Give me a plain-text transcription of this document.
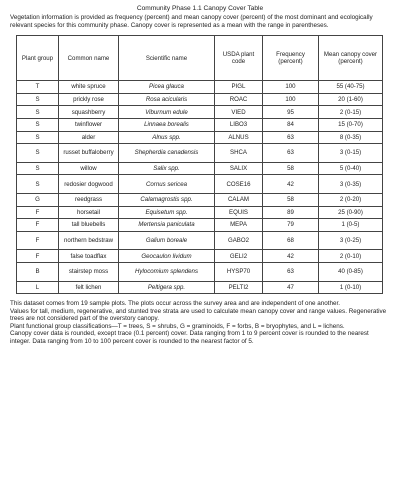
Community Phase 1.1 Canopy Cover Table

Vegetation information is provided as frequency (percent) and mean canopy cover (percent) of the most dominant and ecologically relevant species for this community phase. Canopy cover is represented as a mean with the range in parentheses.

Plant group	Common name	Scientific name	USDA plant code	Frequency (percent)	Mean canopy cover (percent)
T	white spruce	Picea glauca	PIGL	100	55 (40-75)
S	prickly rose	Rosa acicularis	ROAC	100	20 (1-60)
S	squashberry	Viburnum edule	VIED	95	2 (0-15)
S	twinflower	Linnaea borealis	LIBO3	84	15 (0-70)
S	alder	Alnus spp.	ALNUS	63	8 (0-35)
S	russet buffaloberry	Shepherdia canadensis	SHCA	63	3 (0-15)
S	willow	Salix spp.	SALIX	58	5 (0-40)
S	redosier dogwood	Cornus sericea	COSE16	42	3 (0-35)
G	reedgrass	Calamagrostis spp.	CALAM	58	2 (0-20)
F	horsetail	Equisetum spp.	EQUIS	89	25 (0-90)
F	tall bluebells	Mertensia paniculata	MEPA	79	1 (0-5)
F	northern bedstraw	Galium boreale	GABO2	68	3 (0-25)
F	false toadflax	Geocaulon lividum	GELI2	42	2 (0-10)
B	stairstep moss	Hylocomium splendens	HYSP70	63	40 (0-85)
L	felt lichen	Peltigera spp.	PELTI2	47	1 (0-10)

This dataset comes from 19 sample plots. The plots occur across the survey area and are independent of one another.

Values for tall, medium, regenerative, and stunted tree strata are used to calculate mean canopy cover and range values. Regenerative trees are not considered part of the overstory canopy.

Plant functional group classifications—T = trees, S = shrubs, G = graminoids, F = forbs, B = bryophytes, and L = lichens.

Canopy cover data is rounded, except trace (0.1 percent) cover. Data ranging from 1 to 9 percent cover is rounded to the nearest integer. Data ranging from 10 to 100 percent cover is rounded to the nearest factor of 5.
